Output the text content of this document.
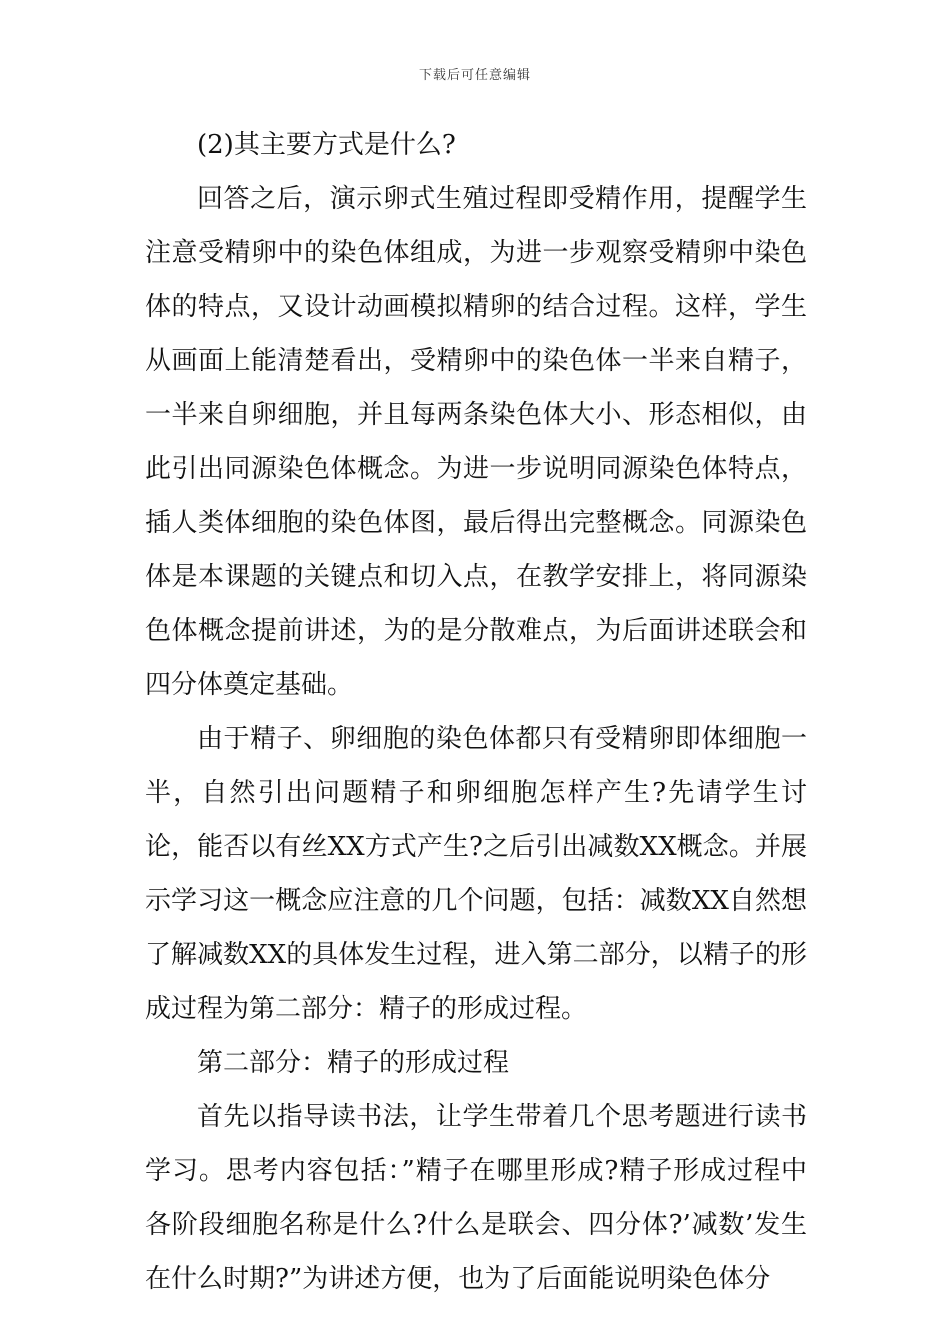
下载后可任意编辑

(2)其主要方式是什么?

回答之后，演示卵式生殖过程即受精作用，提醒学生注意受精卵中的染色体组成，为进一步观察受精卵中染色体的特点，又设计动画模拟精卵的结合过程。这样，学生从画面上能清楚看出，受精卵中的染色体一半来自精子，一半来自卵细胞，并且每两条染色体大小、形态相似，由此引出同源染色体概念。为进一步说明同源染色体特点，插人类体细胞的染色体图，最后得出完整概念。同源染色体是本课题的关键点和切入点，在教学安排上，将同源染色体概念提前讲述，为的是分散难点，为后面讲述联会和四分体奠定基础。

由于精子、卵细胞的染色体都只有受精卵即体细胞一半，自然引出问题精子和卵细胞怎样产生?先请学生讨论，能否以有丝XX方式产生?之后引出减数XX概念。并展示学习这一概念应注意的几个问题，包括：减数XX自然想了解减数XX的具体发生过程，进入第二部分，以精子的形成过程为第二部分：精子的形成过程。

第二部分：精子的形成过程

首先以指导读书法，让学生带着几个思考题进行读书学习。思考内容包括：”精子在哪里形成?精子形成过程中各阶段细胞名称是什么?什么是联会、四分体?’减数’发生在什么时期?”为讲述方便，也为了后面能说明染色体分
